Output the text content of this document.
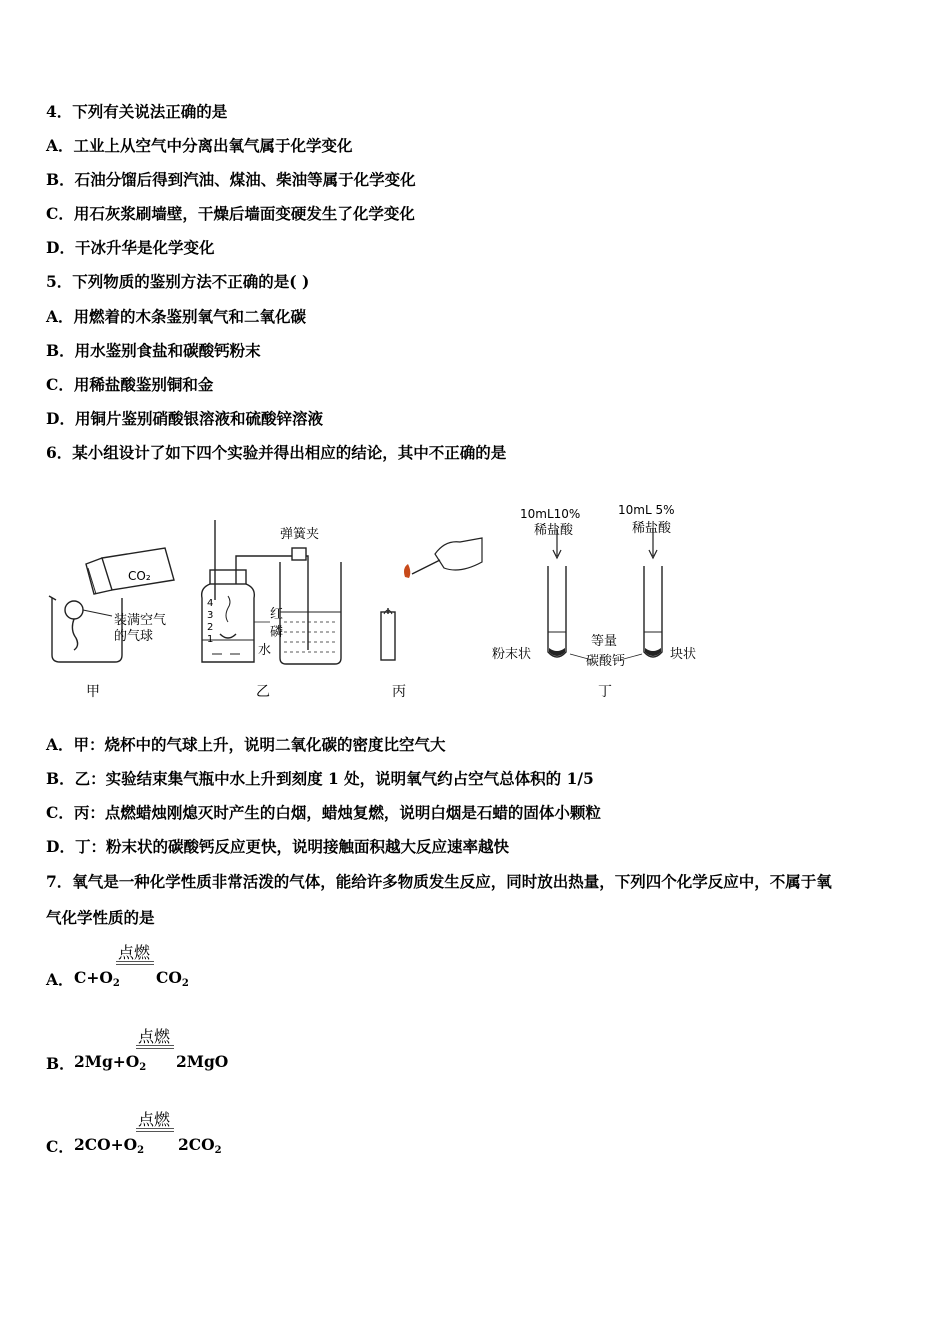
4．下列有关说法正确的是
A．工业上从空气中分离出氧气属于化学变化
B．石油分馏后得到汽油、煤油、柴油等属于化学变化
C．用石灰浆刷墙壁，干燥后墙面变硬发生了化学变化
D．干冰升华是化学变化
5．下列物质的鉴别方法不正确的是( )
A．用燃着的木条鉴别氧气和二氧化碳
B．用水鉴别食盐和碳酸钙粉末
C．用稀盐酸鉴别铜和金
D．用铜片鉴别硝酸银溶液和硫酸锌溶液
6．某小组设计了如下四个实验并得出相应的结论，其中不正确的是
CO₂
装满空气
的气球
弹簧夹
4
3
2
1
红
磷
水
10mL10%
稀盐酸
10mL 5%
稀盐酸
粉末状
等量
碳酸钙	块状
甲	乙	丙	丁
A．甲：烧杯中的气球上升，说明二氧化碳的密度比空气大
B．乙：实验结束集气瓶中水上升到刻度 1 处，说明氧气约占空气总体积的 1/5
C．丙：点燃蜡烛刚熄灭时产生的白烟，蜡烛复燃，说明白烟是石蜡的固体小颗粒
D．丁：粉末状的碳酸钙反应更快，说明接触面积越大反应速率越快
7．氧气是一种化学性质非常活泼的气体，能给许多物质发生反应，同时放出热量，下列四个化学反应中，不属于氧
气化学性质的是
A． $C+O_2$
点燃
$CO_2$
B． $2Mg+O_2$
点燃
2MgO
C． $2CO+O_2$
点燃
$2CO_2$
